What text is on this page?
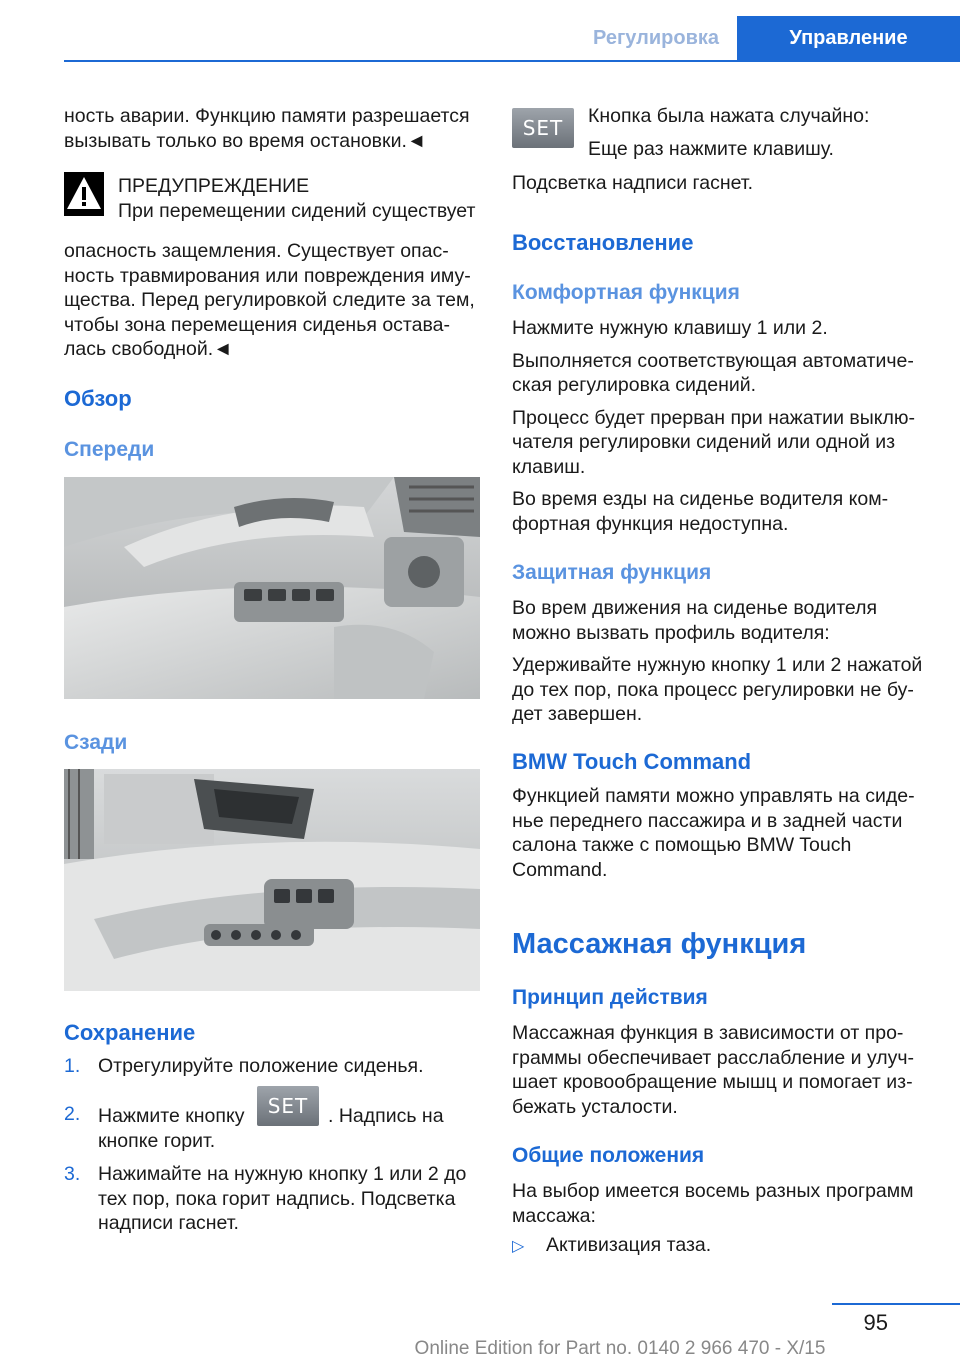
Регулировка	Управление

ность аварии. Функцию памяти разрешается

вызывать только во время остановки.◄

ПРЕДУПРЕЖДЕНИЕ

При перемещении сидений существует

опасность защемления. Существует опас-

ность травмирования или повреждения иму-

щества. Перед регулировкой следите за тем,

чтобы зона перемещения сиденья остава-

лась свободной.◄

Обзор
Спереди
Сзади
Сохранение
1. Отрегулируйте положение сиденья.
2. Нажмите кнопку	. Надпись на
кнопке горит.
SET
3. Нажимайте на нужную кнопку 1 или 2 до

тех пор, пока горит надпись. Подсветка

надписи гаснет.

SET	Кнопка была нажата случайно:

Еще раз нажмите клавишу.

Подсветка надписи гаснет.
Восстановление
Комфортная функция

Нажмите нужную клавишу 1 или 2.

Выполняется соответствующая автоматиче-

ская регулировка сидений.

Процесс будет прерван при нажатии выклю-

чателя регулировки сидений или одной из

клавиш.

Во время езды на сиденье водителя ком-

фортная функция недоступна.

Защитная функция

Во врем движения на сиденье водителя

можно вызвать профиль водителя:

Удерживайте нужную кнопку 1 или 2 нажатой

до тех пор, пока процесс регулировки не бу-

дет завершен.

BMW Touch Command

Функцией памяти можно управлять на сиде-

нье переднего пассажира и в задней части

салона также с помощью BMW Touch

Command.

Массажная функция
Принцип действия

Массажная функция в зависимости от про-

граммы обеспечивает расслабление и улуч-

шает кровообращение мышц и помогает из-

бежать усталости.

Общие положения

На выбор имеется восемь разных программ

массажа:

▷ Активизация таза.
95
Online Edition for Part no. 0140 2 966 470 - X/15
